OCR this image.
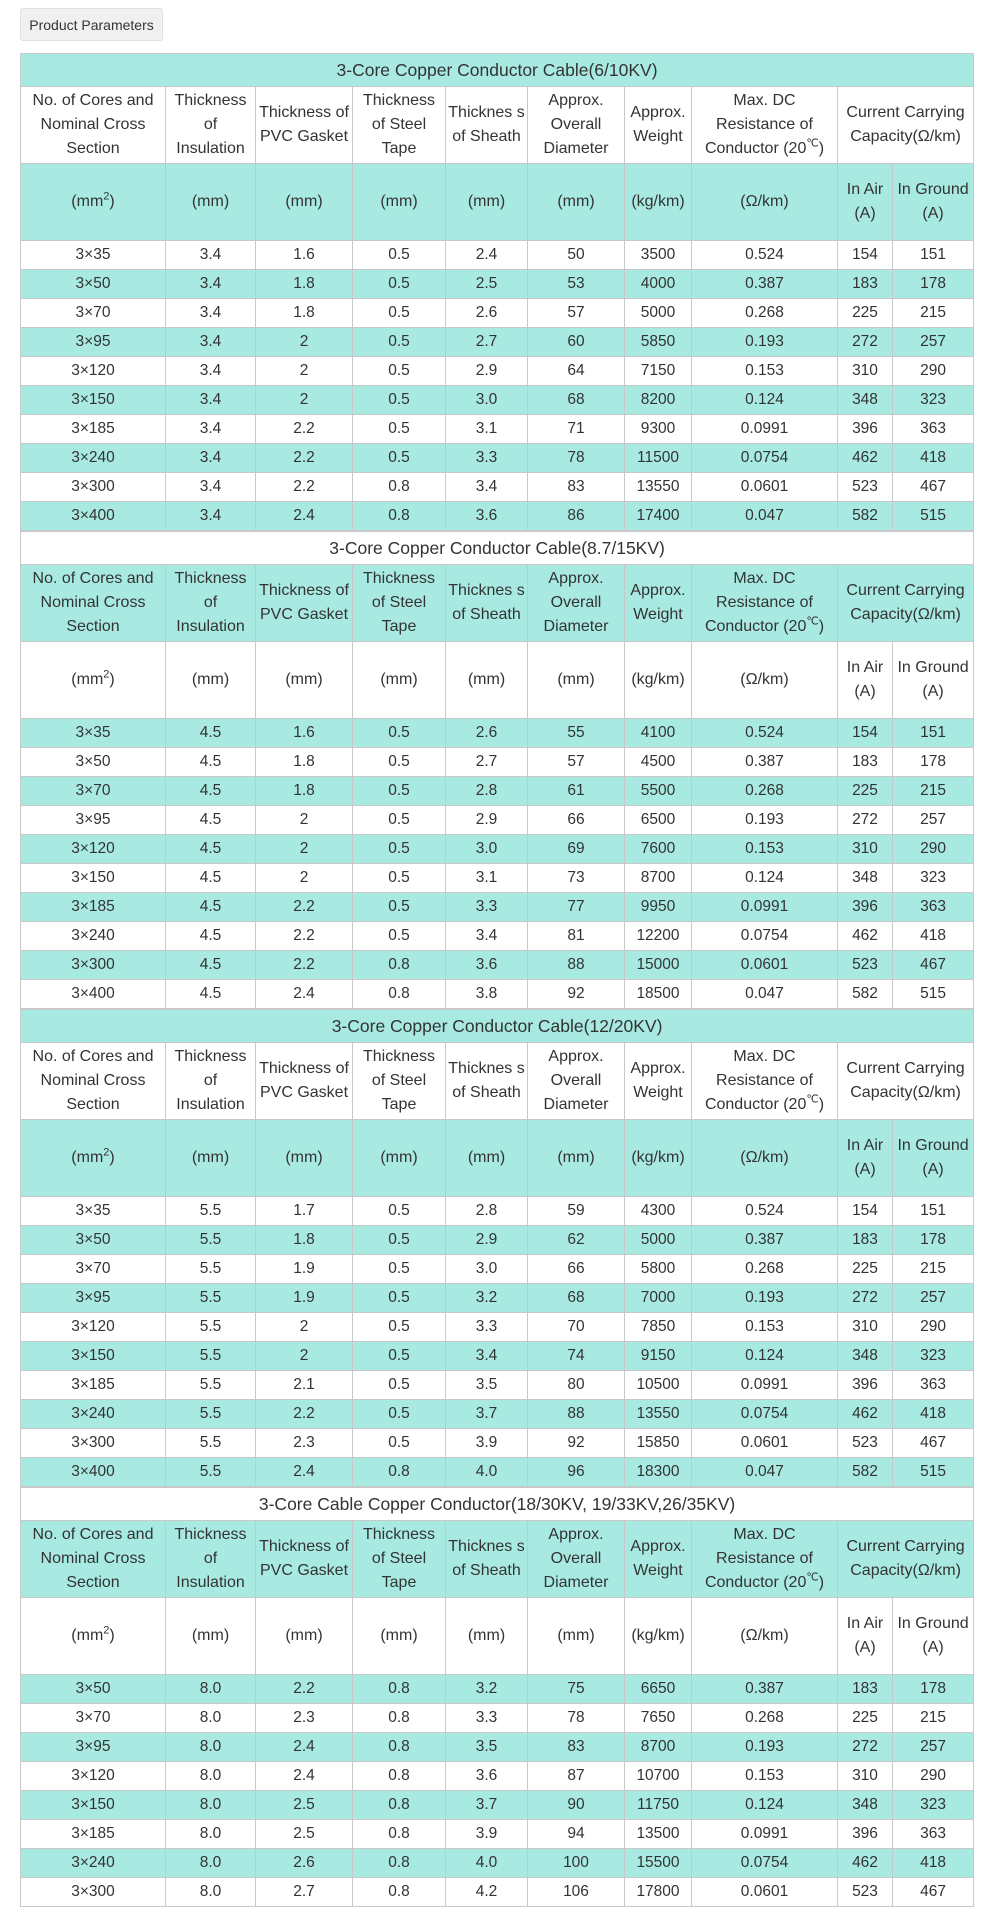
Product Parameters
3-Core Copper Conductor Cable(6/10KV)									
No. of Cores and Nominal Cross Section	Thickness of Insulation	Thickness of PVC Gasket	Thickness of Steel Tape	Thicknes s of Sheath	Approx. Overall Diameter	Approx. Weight	Max. DC Resistance of Conductor (20℃)	Current Carrying Capacity(Ω/km)	
$(mm^2)$	(mm)	(mm)	(mm)	(mm)	(mm)	(kg/km)	(Ω/km)	In Air (A)	In Ground (A)
3×35	3.4	1.6	0.5	2.4	50	3500	0.524	154	151
3×50	3.4	1.8	0.5	2.5	53	4000	0.387	183	178
3×70	3.4	1.8	0.5	2.6	57	5000	0.268	225	215
3×95	3.4	2	0.5	2.7	60	5850	0.193	272	257
3×120	3.4	2	0.5	2.9	64	7150	0.153	310	290
3×150	3.4	2	0.5	3.0	68	8200	0.124	348	323
3×185	3.4	2.2	0.5	3.1	71	9300	0.0991	396	363
3×240	3.4	2.2	0.5	3.3	78	11500	0.0754	462	418
3×300	3.4	2.2	0.8	3.4	83	13550	0.0601	523	467
3×400	3.4	2.4	0.8	3.6	86	17400	0.047	582	515
3-Core Copper Conductor Cable(8.7/15KV)									
No. of Cores and Nominal Cross Section	Thickness of Insulation	Thickness of PVC Gasket	Thickness of Steel Tape	Thicknes s of Sheath	Approx. Overall Diameter	Approx. Weight	Max. DC Resistance of Conductor (20℃)	Current Carrying Capacity(Ω/km)	
$(mm^2)$	(mm)	(mm)	(mm)	(mm)	(mm)	(kg/km)	(Ω/km)	In Air (A)	In Ground (A)
3×35	4.5	1.6	0.5	2.6	55	4100	0.524	154	151
3×50	4.5	1.8	0.5	2.7	57	4500	0.387	183	178
3×70	4.5	1.8	0.5	2.8	61	5500	0.268	225	215
3×95	4.5	2	0.5	2.9	66	6500	0.193	272	257
3×120	4.5	2	0.5	3.0	69	7600	0.153	310	290
3×150	4.5	2	0.5	3.1	73	8700	0.124	348	323
3×185	4.5	2.2	0.5	3.3	77	9950	0.0991	396	363
3×240	4.5	2.2	0.5	3.4	81	12200	0.0754	462	418
3×300	4.5	2.2	0.8	3.6	88	15000	0.0601	523	467
3×400	4.5	2.4	0.8	3.8	92	18500	0.047	582	515
3-Core Copper Conductor Cable(12/20KV)									
No. of Cores and Nominal Cross Section	Thickness of Insulation	Thickness of PVC Gasket	Thickness of Steel Tape	Thicknes s of Sheath	Approx. Overall Diameter	Approx. Weight	Max. DC Resistance of Conductor (20℃)	Current Carrying Capacity(Ω/km)	
$(mm^2)$	(mm)	(mm)	(mm)	(mm)	(mm)	(kg/km)	(Ω/km)	In Air (A)	In Ground (A)
3×35	5.5	1.7	0.5	2.8	59	4300	0.524	154	151
3×50	5.5	1.8	0.5	2.9	62	5000	0.387	183	178
3×70	5.5	1.9	0.5	3.0	66	5800	0.268	225	215
3×95	5.5	1.9	0.5	3.2	68	7000	0.193	272	257
3×120	5.5	2	0.5	3.3	70	7850	0.153	310	290
3×150	5.5	2	0.5	3.4	74	9150	0.124	348	323
3×185	5.5	2.1	0.5	3.5	80	10500	0.0991	396	363
3×240	5.5	2.2	0.5	3.7	88	13550	0.0754	462	418
3×300	5.5	2.3	0.5	3.9	92	15850	0.0601	523	467
3×400	5.5	2.4	0.8	4.0	96	18300	0.047	582	515
3-Core Cable Copper Conductor(18/30KV, 19/33KV,26/35KV)									
No. of Cores and Nominal Cross Section	Thickness of Insulation	Thickness of PVC Gasket	Thickness of Steel Tape	Thicknes s of Sheath	Approx. Overall Diameter	Approx. Weight	Max. DC Resistance of Conductor (20℃)	Current Carrying Capacity(Ω/km)	
$(mm^2)$	(mm)	(mm)	(mm)	(mm)	(mm)	(kg/km)	(Ω/km)	In Air (A)	In Ground (A)
3×50	8.0	2.2	0.8	3.2	75	6650	0.387	183	178
3×70	8.0	2.3	0.8	3.3	78	7650	0.268	225	215
3×95	8.0	2.4	0.8	3.5	83	8700	0.193	272	257
3×120	8.0	2.4	0.8	3.6	87	10700	0.153	310	290
3×150	8.0	2.5	0.8	3.7	90	11750	0.124	348	323
3×185	8.0	2.5	0.8	3.9	94	13500	0.0991	396	363
3×240	8.0	2.6	0.8	4.0	100	15500	0.0754	462	418
3×300	8.0	2.7	0.8	4.2	106	17800	0.0601	523	467
